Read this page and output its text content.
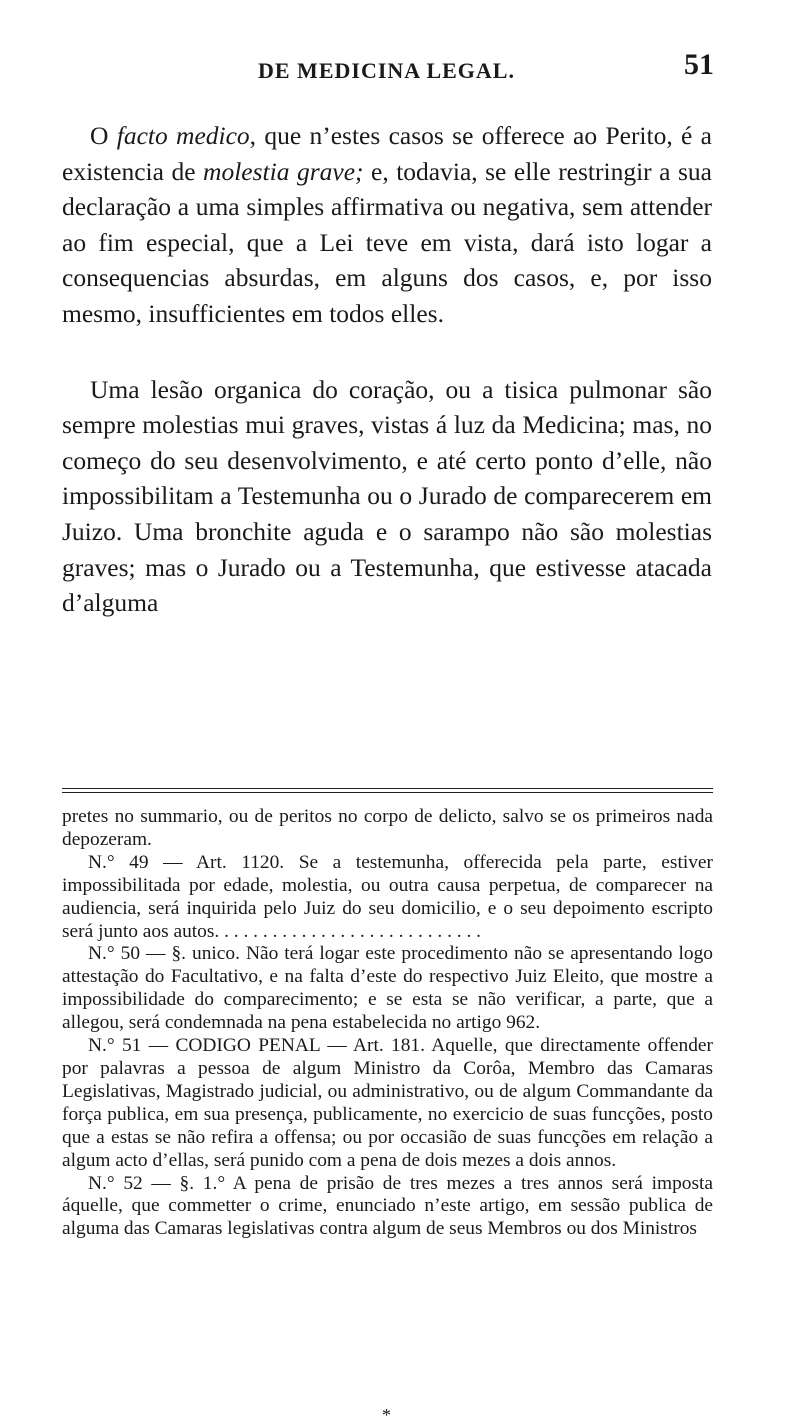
DE MEDICINA LEGAL.	51

O facto medico, que n’estes casos se offerece ao Perito, é a existencia de molestia grave; e, todavia, se elle restringir a sua declaração a uma simples affirmativa ou negativa, sem attender ao fim especial, que a Lei teve em vista, dará isto logar a consequencias absurdas, em alguns dos casos, e, por isso mesmo, insufficientes em todos elles.

Uma lesão organica do coração, ou a tisica pulmonar são sempre molestias mui graves, vistas á luz da Medicina; mas, no começo do seu desenvolvimento, e até certo ponto d’elle, não impossibilitam a Testemunha ou o Jurado de comparecerem em Juizo. Uma bronchite aguda e o sarampo não são molestias graves; mas o Jurado ou a Testemunha, que estivesse atacada d’alguma

pretes no summario, ou de peritos no corpo de delicto, salvo se os primeiros nada depozeram.

N.° 49 — Art. 1120. Se a testemunha, offerecida pela parte, estiver impossibilitada por edade, molestia, ou outra causa perpetua, de comparecer na audiencia, será inquirida pelo Juiz do seu domicilio, e o seu depoimento escripto será junto aos autos. . . . . . . . . . . . . . . . . . . . . . . . . . . .

N.° 50 — §. unico. Não terá logar este procedimento não se apresentando logo attestação do Facultativo, e na falta d’este do respectivo Juiz Eleito, que mostre a impossibilidade do comparecimento; e se esta se não verificar, a parte, que a allegou, será condemnada na pena estabelecida no artigo 962.

N.° 51 — CODIGO PENAL — Art. 181. Aquelle, que directamente offender por palavras a pessoa de algum Ministro da Corôa, Membro das Camaras Legislativas, Magistrado judicial, ou administrativo, ou de algum Commandante da força publica, em sua presença, publicamente, no exercicio de suas funcções, posto que a estas se não refira a offensa; ou por occasião de suas funcções em relação a algum acto d’ellas, será punido com a pena de dois mezes a dois annos.

N.° 52 — §. 1.° A pena de prisão de tres mezes a tres annos será imposta áquelle, que commetter o crime, enunciado n’este artigo, em sessão publica de alguma das Camaras legislativas contra algum de seus Membros ou dos Ministros

*
